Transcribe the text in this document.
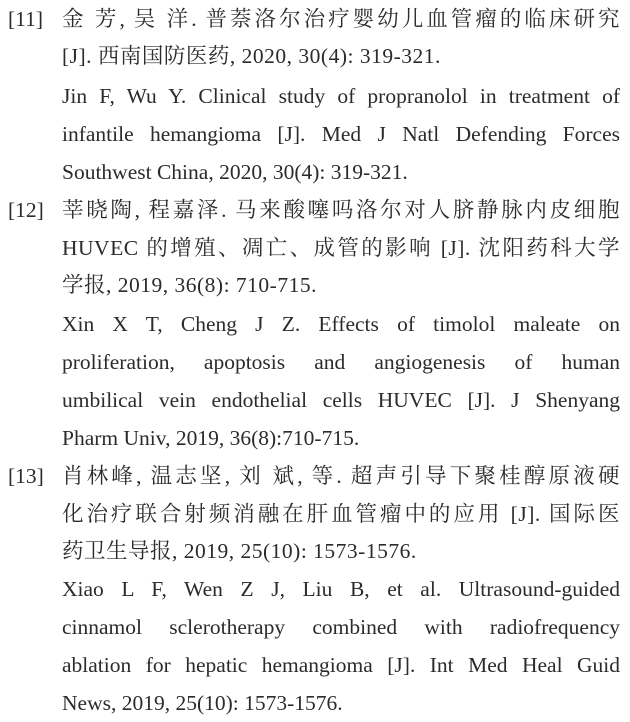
[11] 金 芳, 吴 洋. 普萘洛尔治疗婴幼儿血管瘤的临床研究
[J]. 西南国防医药, 2020, 30(4): 319-321.
Jin F, Wu Y. Clinical study of propranolol in treatment of
infantile hemangioma [J]. Med J Natl Defending Forces
Southwest China, 2020, 30(4): 319-321.
[12] 莘晓陶, 程嘉泽. 马来酸噻吗洛尔对人脐静脉内皮细胞
HUVEC 的增殖、凋亡、成管的影响 [J]. 沈阳药科大学
学报, 2019, 36(8): 710-715.
Xin X T, Cheng J Z. Effects of timolol maleate on
proliferation, apoptosis and angiogenesis of human
umbilical vein endothelial cells HUVEC [J]. J Shenyang
Pharm Univ, 2019, 36(8):710-715.
[13] 肖林峰, 温志坚, 刘 斌, 等. 超声引导下聚桂醇原液硬
化治疗联合射频消融在肝血管瘤中的应用 [J]. 国际医
药卫生导报, 2019, 25(10): 1573-1576.
Xiao L F, Wen Z J, Liu B, et al. Ultrasound-guided
cinnamol sclerotherapy combined with radiofrequency
ablation for hepatic hemangioma [J]. Int Med Heal Guid
News, 2019, 25(10): 1573-1576.
